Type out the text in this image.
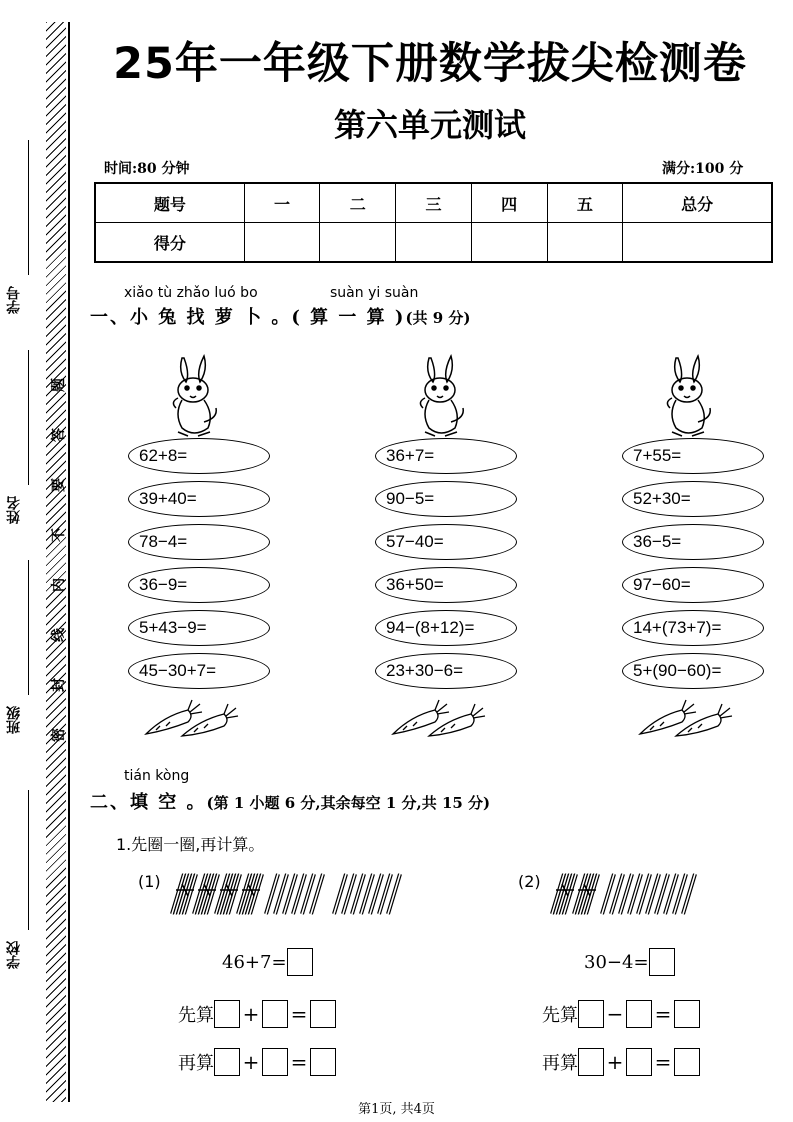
学号
姓名
班级
学校
题
答
要
不
内
线
封
密
25年一年级下册数学拔尖检测卷
第六单元测试
时间:80 分钟	满分:100 分
题号	一	二	三	四	五	总分
得分						
xiǎo tù zhǎo luó bo	suàn yi suàn
一、小 兔 找 萝 卜 。( 算 一 算 )(共 9 分)
62+8=
39+40=
78−4=
36−9=
5+43−9=
45−30+7=
36+7=
90−5=
57−40=
36+50=
94−(8+12)=
23+30−6=
7+55=
52+30=
36−5=
97−60=
14+(73+7)=
5+(90−60)=
tián kòng
二、填 空 。(第 1 小题 6 分,其余每空 1 分,共 15 分)
1.先圈一圈,再计算。
(1)	(2)
46+7=
先算 + =
再算 + =
30−4=
先算 − =
再算 + =
第1页, 共4页
